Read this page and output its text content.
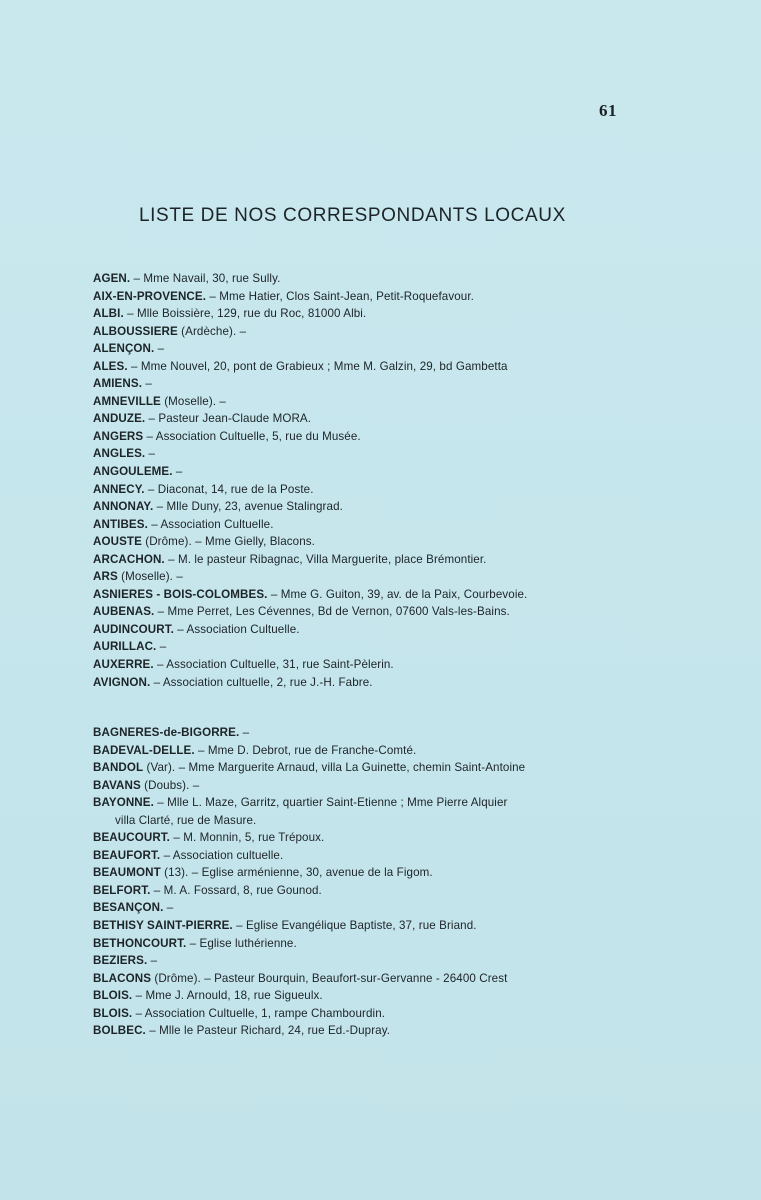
61
LISTE DE NOS CORRESPONDANTS LOCAUX
AGEN. – Mme Navail, 30, rue Sully.
AIX-EN-PROVENCE. – Mme Hatier, Clos Saint-Jean, Petit-Roquefavour.
ALBI. – Mlle Boissière, 129, rue du Roc, 81000 Albi.
ALBOUSSIERE (Ardèche). –
ALENÇON. –
ALES. – Mme Nouvel, 20, pont de Grabieux ; Mme M. Galzin, 29, bd Gambetta
AMIENS. –
AMNEVILLE (Moselle). –
ANDUZE. – Pasteur Jean-Claude MORA.
ANGERS – Association Cultuelle, 5, rue du Musée.
ANGLES. –
ANGOULEME. –
ANNECY. – Diaconat, 14, rue de la Poste.
ANNONAY. – Mlle Duny, 23, avenue Stalingrad.
ANTIBES. – Association Cultuelle.
AOUSTE (Drôme). – Mme Gielly, Blacons.
ARCACHON. – M. le pasteur Ribagnac, Villa Marguerite, place Brémontier.
ARS (Moselle). –
ASNIERES - BOIS-COLOMBES. – Mme G. Guiton, 39, av. de la Paix, Courbevoie.
AUBENAS. – Mme Perret, Les Cévennes, Bd de Vernon, 07600 Vals-les-Bains.
AUDINCOURT. – Association Cultuelle.
AURILLAC. –
AUXERRE. – Association Cultuelle, 31, rue Saint-Pèlerin.
AVIGNON. – Association cultuelle, 2, rue J.-H. Fabre.
BAGNERES-de-BIGORRE. –
BADEVAL-DELLE. – Mme D. Debrot, rue de Franche-Comté.
BANDOL (Var). – Mme Marguerite Arnaud, villa La Guinette, chemin Saint-Antoine
BAVANS (Doubs). –
BAYONNE. – Mlle L. Maze, Garritz, quartier Saint-Etienne ; Mme Pierre Alquier
villa Clarté, rue de Masure.
BEAUCOURT. – M. Monnin, 5, rue Trépoux.
BEAUFORT. – Association cultuelle.
BEAUMONT (13). – Eglise arménienne, 30, avenue de la Figom.
BELFORT. – M. A. Fossard, 8, rue Gounod.
BESANÇON. –
BETHISY SAINT-PIERRE. – Eglise Evangélique Baptiste, 37, rue Briand.
BETHONCOURT. – Eglise luthérienne.
BEZIERS. –
BLACONS (Drôme). – Pasteur Bourquin, Beaufort-sur-Gervanne - 26400 Crest
BLOIS. – Mme J. Arnould, 18, rue Sigueulx.
BLOIS. – Association Cultuelle, 1, rampe Chambourdin.
BOLBEC. – Mlle le Pasteur Richard, 24, rue Ed.-Dupray.
